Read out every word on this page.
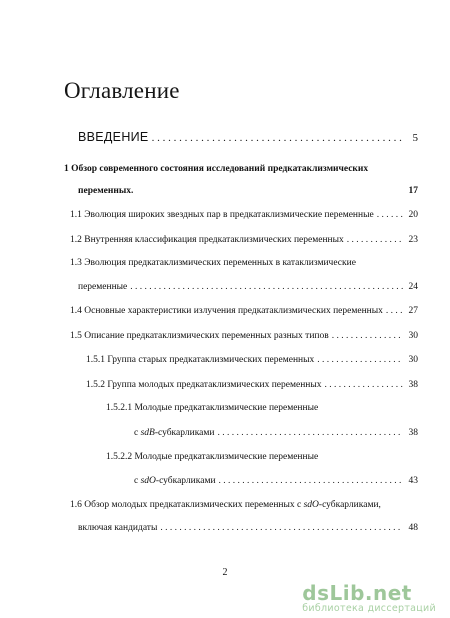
Оглавление
ВВЕДЕНИЕ . . .	5
1 Обзор современного состояния исследований предкатаклизмических
переменных.	17
1.1 Эволюция широких звездных пар в предкатаклизмические переменные . . .	20
1.2 Внутренняя классификация предкатаклизмических переменных . . .	23
1.3 Эволюция предкатаклизмических переменных в катаклизмические
переменные . . .	24
1.4 Основные характеристики излучения предкатаклизмических переменных . . .	27
1.5 Описание предкатаклизмических переменных разных типов . . .	30
1.5.1 Группа старых предкатаклизмических переменных . . .	30
1.5.2 Группа молодых предкатаклизмических переменных . . .	38
1.5.2.1 Молодые предкатаклизмические переменные
с sdB-субкарликами . . .	38
1.5.2.2 Молодые предкатаклизмические переменные
с sdO-субкарликами . . .	43
1.6 Обзор молодых предкатаклизмических переменных с sdO-субкарликами,
включая кандидаты . . .	48
2
dsLib.net
библиотека диссертаций
